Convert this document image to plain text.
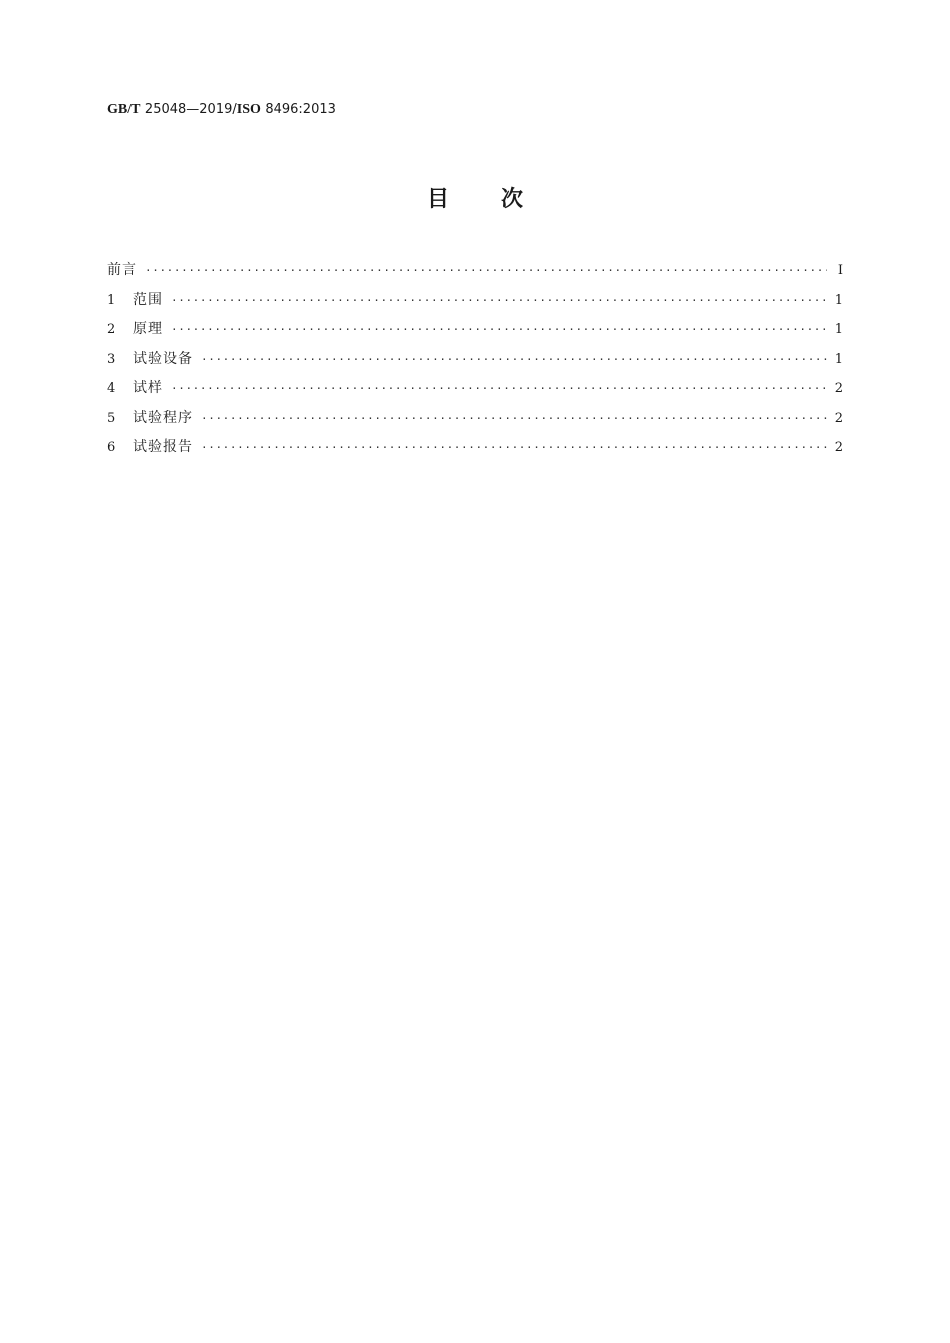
GB/T 25048—2019/ISO 8496:2013
目 次
前言 ·····	Ⅰ
1	范围 ·····	1
2	原理 ·····	1
3	试验设备 ·····	1
4	试样 ·····	2
5	试验程序 ·····	2
6	试验报告 ·····	2
